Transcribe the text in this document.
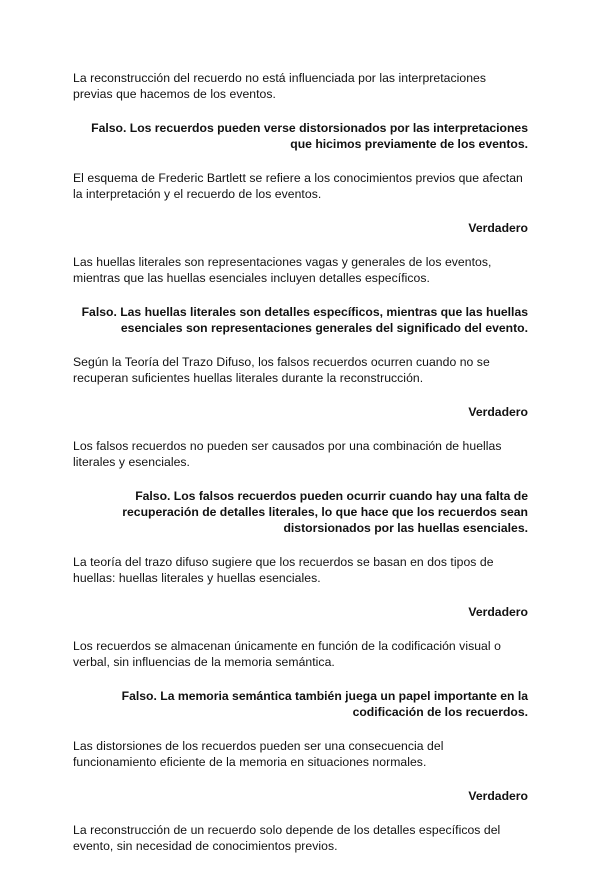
La reconstrucción del recuerdo no está influenciada por las interpretaciones previas que hacemos de los eventos.

Falso. Los recuerdos pueden verse distorsionados por las interpretaciones que hicimos previamente de los eventos.

El esquema de Frederic Bartlett se refiere a los conocimientos previos que afectan la interpretación y el recuerdo de los eventos.

Verdadero

Las huellas literales son representaciones vagas y generales de los eventos, mientras que las huellas esenciales incluyen detalles específicos.

Falso. Las huellas literales son detalles específicos, mientras que las huellas esenciales son representaciones generales del significado del evento.

Según la Teoría del Trazo Difuso, los falsos recuerdos ocurren cuando no se recuperan suficientes huellas literales durante la reconstrucción.

Verdadero

Los falsos recuerdos no pueden ser causados por una combinación de huellas literales y esenciales.

Falso. Los falsos recuerdos pueden ocurrir cuando hay una falta de recuperación de detalles literales, lo que hace que los recuerdos sean distorsionados por las huellas esenciales.

La teoría del trazo difuso sugiere que los recuerdos se basan en dos tipos de huellas: huellas literales y huellas esenciales.

Verdadero

Los recuerdos se almacenan únicamente en función de la codificación visual o verbal, sin influencias de la memoria semántica.

Falso. La memoria semántica también juega un papel importante en la codificación de los recuerdos.

Las distorsiones de los recuerdos pueden ser una consecuencia del funcionamiento eficiente de la memoria en situaciones normales.

Verdadero

La reconstrucción de un recuerdo solo depende de los detalles específicos del evento, sin necesidad de conocimientos previos.
